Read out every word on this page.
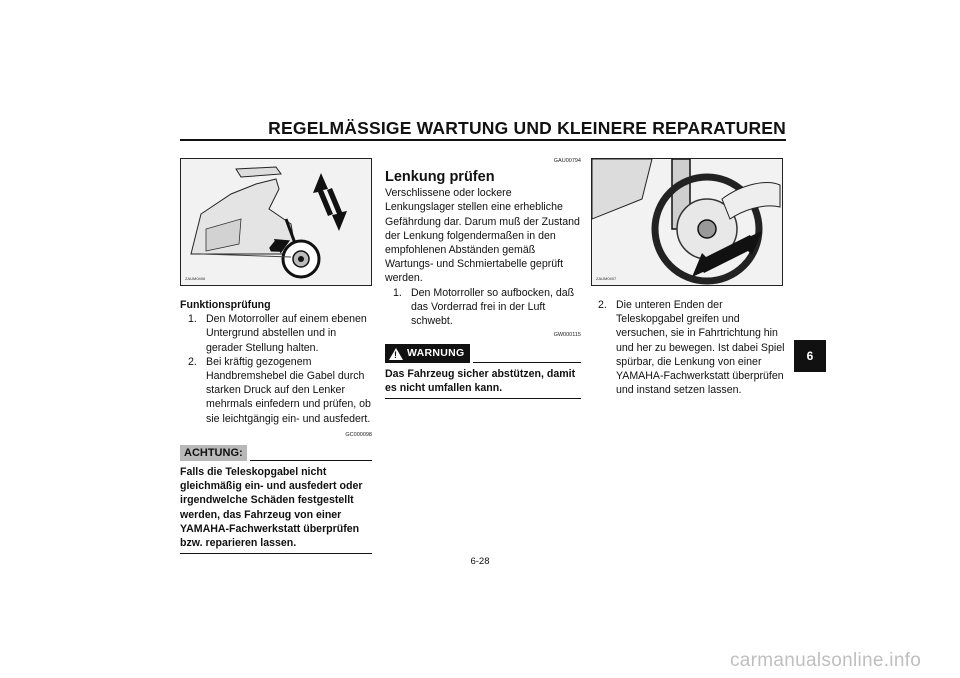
REGELMÄSSIGE WARTUNG UND KLEINERE REPARATUREN
ZAUM0406	ZAUM0407

Funktionsprüfung

1. Den Motorroller auf einem ebenen Untergrund abstellen und in gerader Stellung halten.
2. Bei kräftig gezogenem Handbremshebel die Gabel durch starken Druck auf den Lenker mehrmals einfedern und prüfen, ob sie leichtgängig ein- und ausfedert.
GC000098
ACHTUNG:

Falls die Teleskopgabel nicht gleichmäßig ein- und ausfedert oder irgendwelche Schäden festgestellt werden, das Fahrzeug von einer YAMAHA-Fachwerkstatt überprüfen bzw. reparieren lassen.

GAU00794

Lenkung prüfen

Verschlissene oder lockere Lenkungslager stellen eine erhebliche Gefährdung dar. Darum muß der Zustand der Lenkung folgendermaßen in den empfohlenen Abständen gemäß Wartungs- und Schmiertabelle geprüft werden.

1. Den Motorroller so aufbocken, daß das Vorderrad frei in der Luft schwebt.
GW000115
! WARNUNG

Das Fahrzeug sicher abstützen, damit es nicht umfallen kann.

2. Die unteren Enden der Teleskopgabel greifen und versuchen, sie in Fahrtrichtung hin und her zu bewegen. Ist dabei Spiel spürbar, die Lenkung von einer YAMAHA-Fachwerkstatt überprüfen und instand setzen lassen.
6
6-28
carmanualsonline.info
